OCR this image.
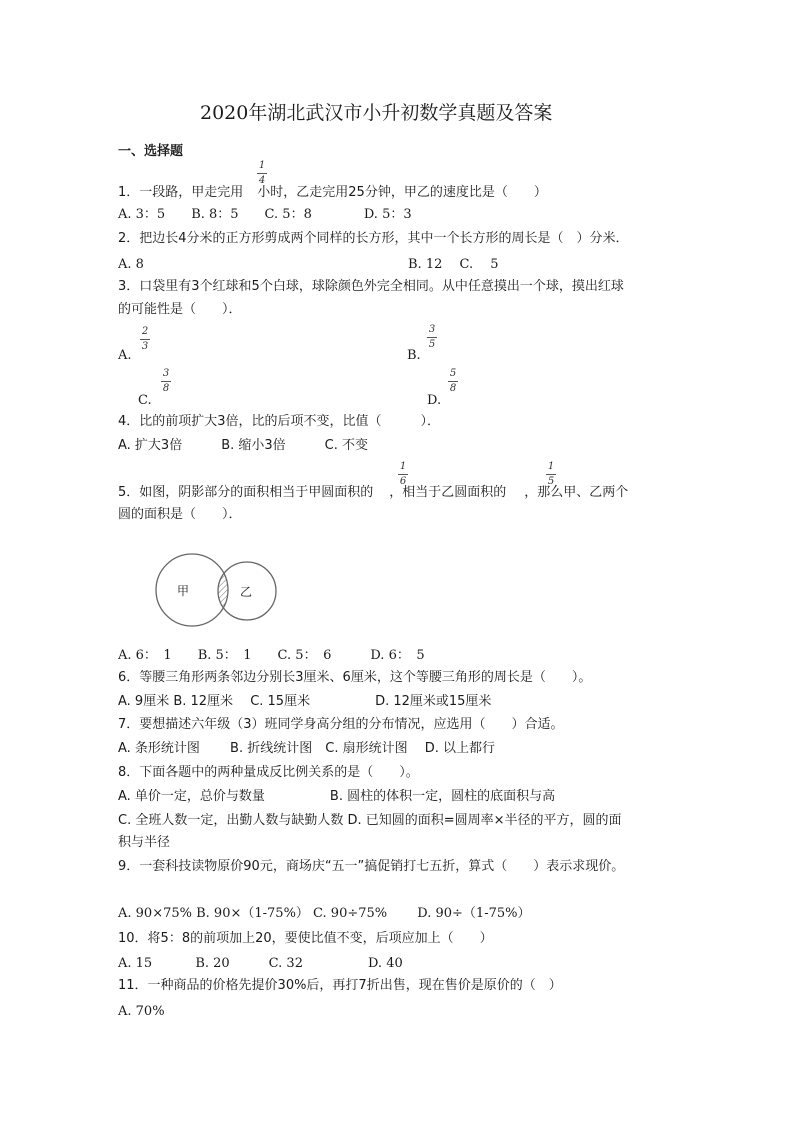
2020年湖北武汉市小升初数学真题及答案
一、选择题
1．一段路，甲走完用 小时，乙走完用25分钟，甲乙的速度比是（　　）
1
4
A. 3：5　　B. 8：5　　C. 5：8　　　　D. 5：3
2．把边长4分米的正方形剪成两个同样的长方形，其中一个长方形的周长是（　）分米．
A. 8	B. 12　 C.　 5
3．口袋里有3个红球和5个白球，球除颜色外完全相同。从中任意摸出一个球，摸出红球
的可能性是（　　）．
A.
2
3
B.
3
5
C.
3
8
D.
5
8
4．比的前项扩大3倍，比的后项不变，比值（　　　）．
A. 扩大3倍　　　B. 缩小3倍　　　C. 不变
5．如图，阴影部分的面积相当于甲圆面积的 ，相当于乙圆面积的 ，那么甲、乙两个
1
6
1
5
圆的面积是（　　）．
甲	乙
A. 6：　1　　B. 5：　1　　C. 5：　6　　　D. 6：　5
6．等腰三角形两条邻边分别长3厘米、6厘米，这个等腰三角形的周长是（　　）。
A. 9厘米 B. 12厘米　 C. 15厘米　　　　　D. 12厘米或15厘米
7．要想描述六年级（3）班同学身高分组的分布情况，应选用（　　）合适。
A. 条形统计图　　 B. 折线统计图　C. 扇形统计图　 D. 以上都行
8．下面各题中的两种量成反比例关系的是（　　）。
A. 单价一定，总价与数量　　　　　B. 圆柱的体积一定，圆柱的底面积与高
C. 全班人数一定，出勤人数与缺勤人数 D. 已知圆的面积=圆周率×半径的平方，圆的面
积与半径
9．一套科技读物原价90元，商场庆“五一”搞促销打七五折，算式（　　）表示求现价。
A. 90×75% B. 90×（1-75%） C. 90÷75%　　 D. 90÷（1-75%）
10．将5：8的前项加上20，要使比值不变，后项应加上（　　）
A. 15　　　 B. 20　　　C. 32　　　　　D. 40
11．一种商品的价格先提价30%后，再打7折出售，现在售价是原价的（　）
A. 70%
